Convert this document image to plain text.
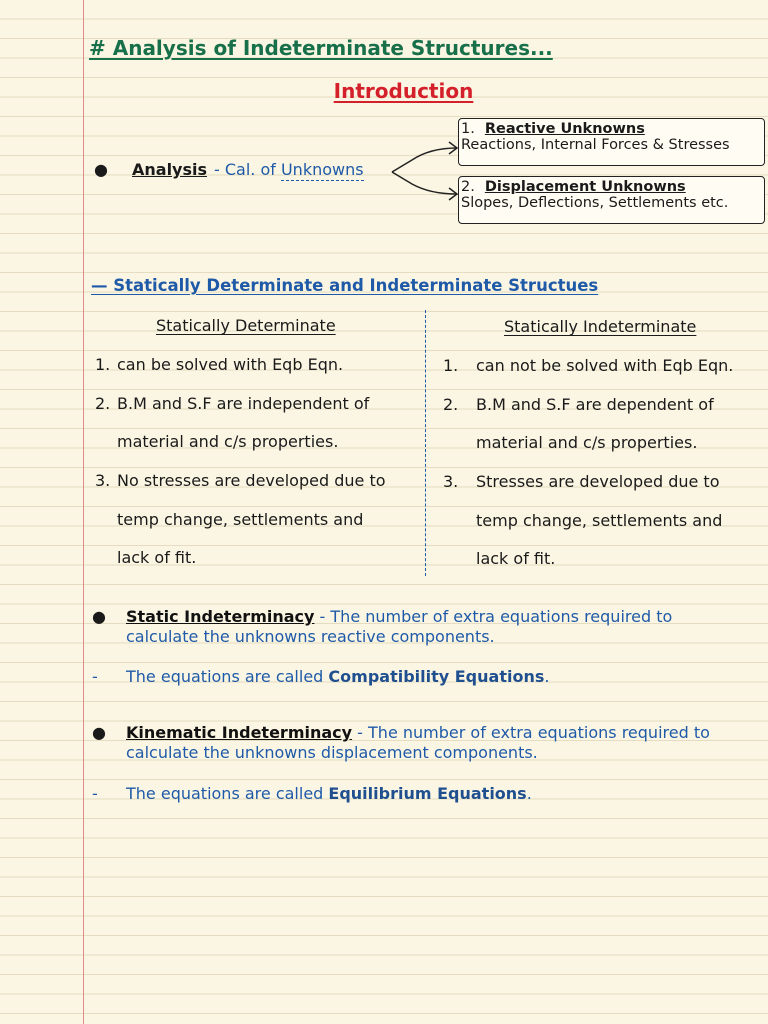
# Analysis of Indeterminate Structures...
Introduction
● Analysis - Cal. of Unknowns
1. Reactive Unknowns
Reactions, Internal Forces & Stresses
2. Displacement Unknowns
Slopes, Deflections, Settlements etc.
— Statically Determinate and Indeterminate Structues
Statically Determinate	Statically Indeterminate
1. can be solved with Eqb Eqn.
2. B.M and S.F are independent of
material and c/s properties.
3. No stresses are developed due to
temp change, settlements and
lack of fit.
1. can not be solved with Eqb Eqn.
2. B.M and S.F are dependent of
material and c/s properties.
3. Stresses are developed due to
temp change, settlements and
lack of fit.
● Static Indeterminacy - The number of extra equations required to calculate the unknowns reactive components.
- The equations are called Compatibility Equations.
● Kinematic Indeterminacy - The number of extra equations required to calculate the unknowns displacement components.
- The equations are called Equilibrium Equations.
